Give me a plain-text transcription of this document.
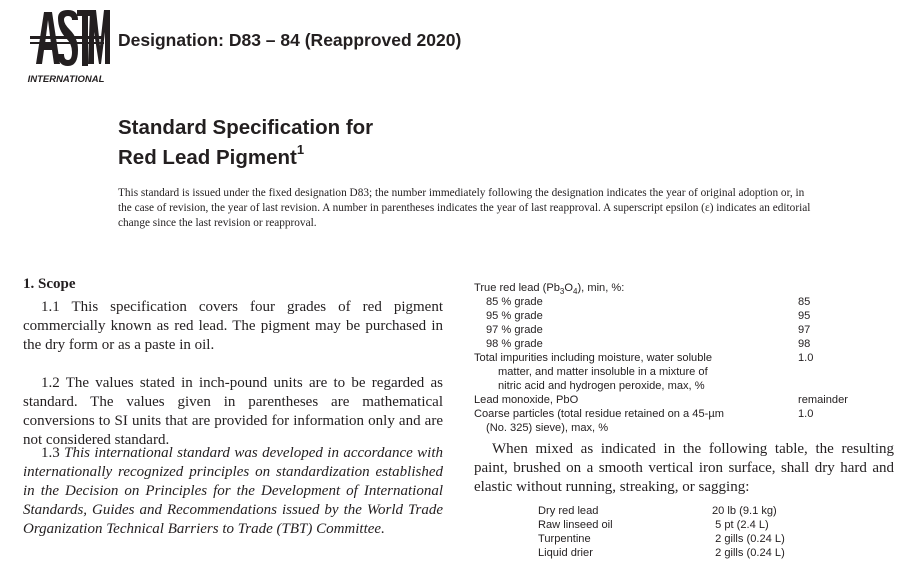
INTERNATIONAL
Designation: D83 – 84 (Reapproved 2020)
Standard Specification for
Red Lead Pigment$^1$
This standard is issued under the fixed designation D83; the number immediately following the designation indicates the year of original adoption or, in the case of revision, the year of last revision. A number in parentheses indicates the year of last reapproval. A superscript epsilon (ε) indicates an editorial change since the last revision or reapproval.
1. Scope
1.1 This specification covers four grades of red pigment commercially known as red lead. The pigment may be purchased in the dry form or as a paste in oil.
1.2 The values stated in inch-pound units are to be regarded as standard. The values given in parentheses are mathematical conversions to SI units that are provided for information only and are not considered standard.
1.3 This international standard was developed in accordance with internationally recognized principles on standardization established in the Decision on Principles for the Development of International Standards, Guides and Recommendations issued by the World Trade Organization Technical Barriers to Trade (TBT) Committee.
True red lead $(Pb_3O_4)$, min, %:
85 % grade	85
95 % grade	95
97 % grade	97
98 % grade	98
Total impurities including moisture, water soluble	1.0
matter, and matter insoluble in a mixture of
nitric acid and hydrogen peroxide, max, %
Lead monoxide, PbO	remainder
Coarse particles (total residue retained on a 45-µm	1.0
(No. 325) sieve), max, %
When mixed as indicated in the following table, the resulting paint, brushed on a smooth vertical iron surface, shall dry hard and elastic without running, streaking, or sagging:
Dry red lead	20 lb (9.1 kg)
Raw linseed oil	5 pt (2.4 L)
Turpentine	2 gills (0.24 L)
Liquid drier	2 gills (0.24 L)
